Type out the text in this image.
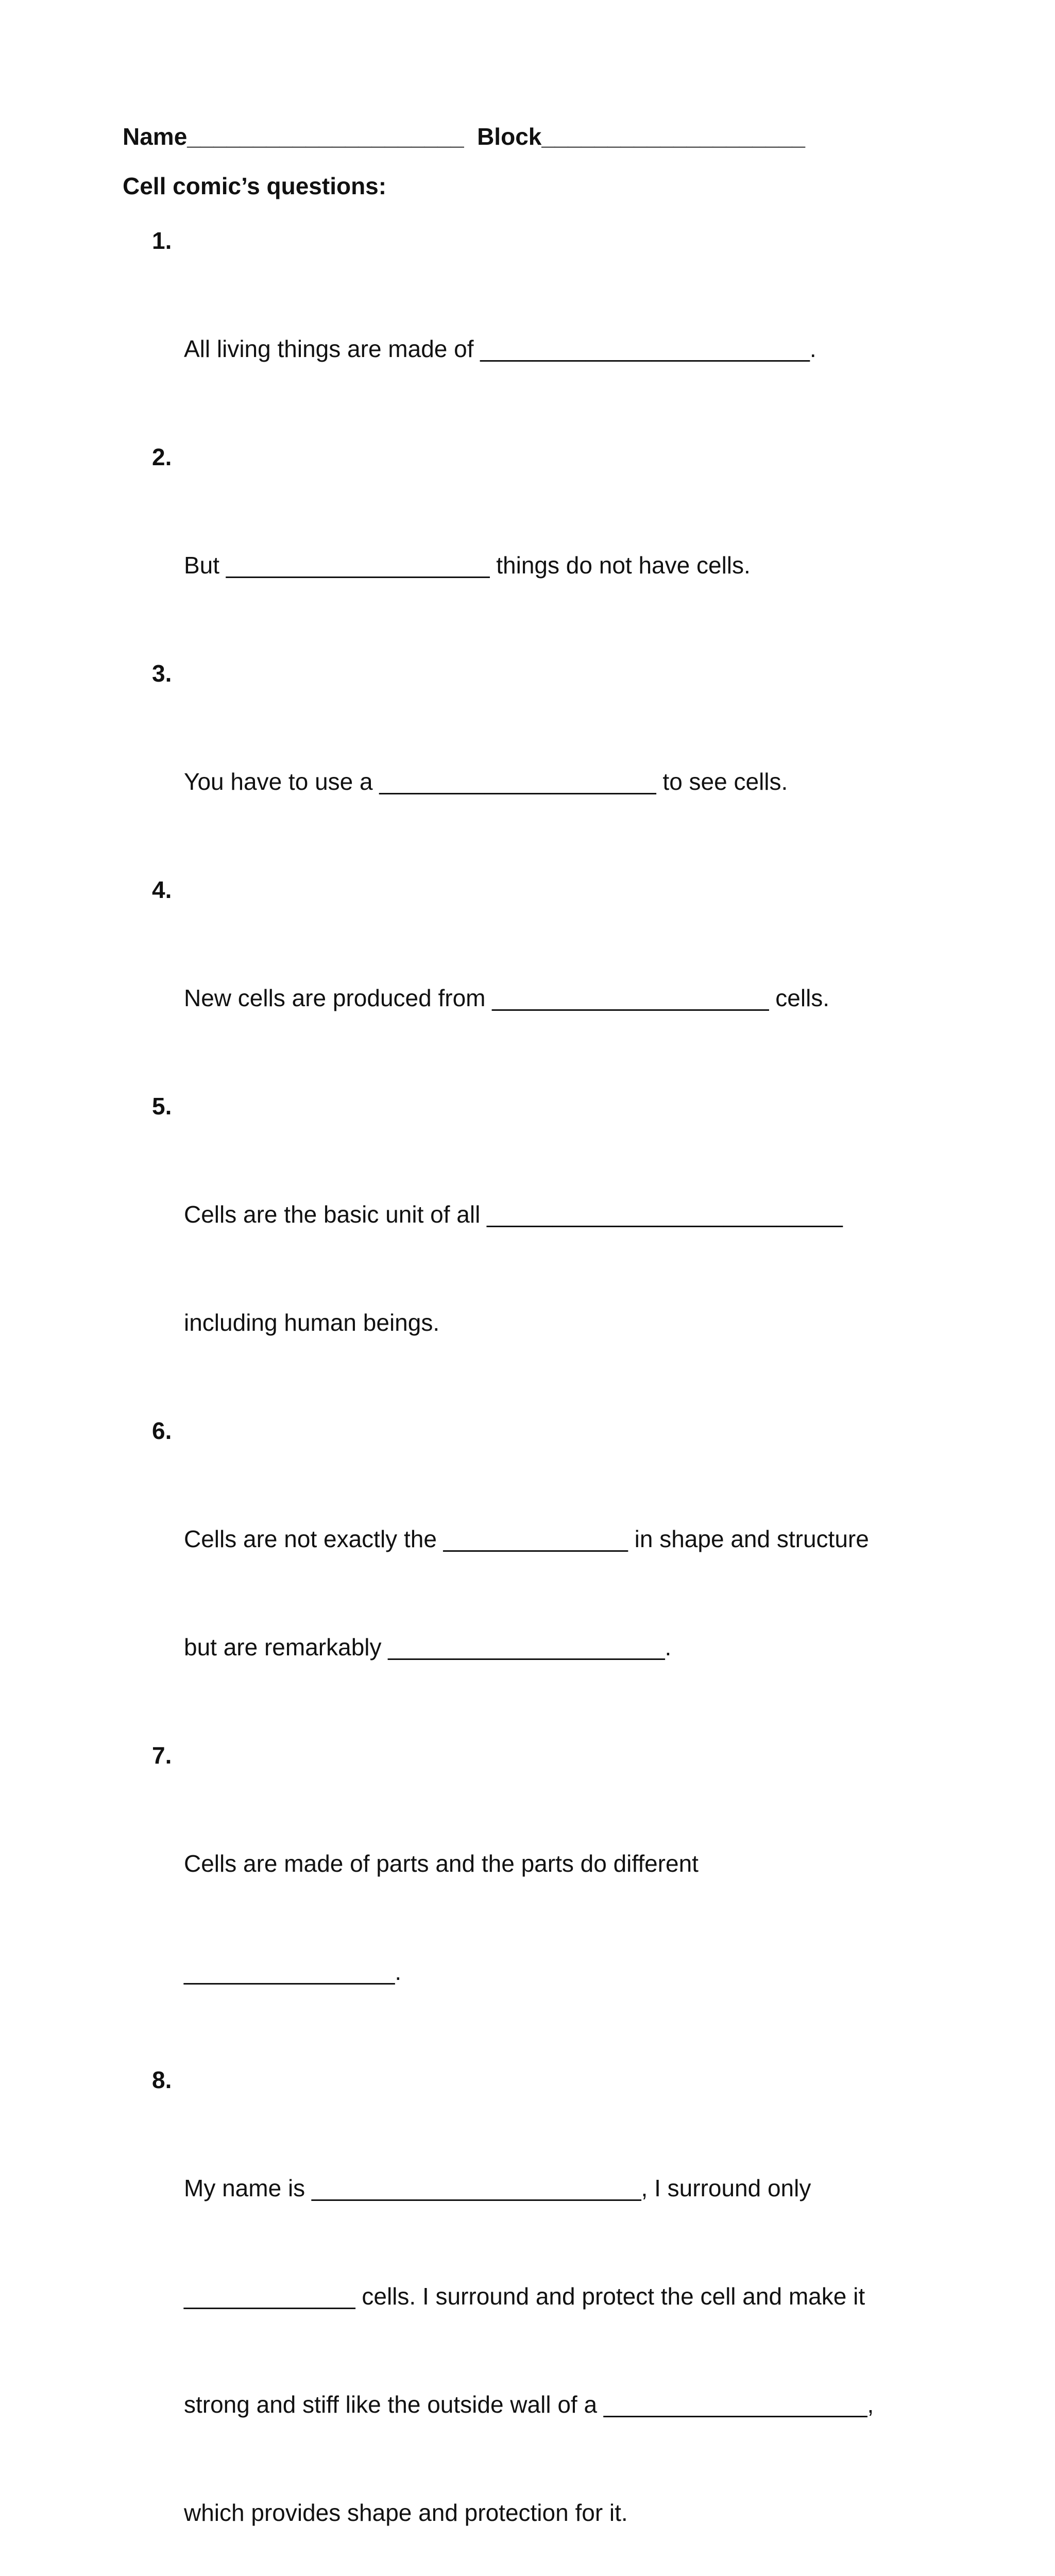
Name_____________________  Block____________________
Cell comic’s questions:

1.

All living things are made of _________________________.

2.

But ____________________ things do not have cells.

3.

You have to use a _____________________ to see cells.

4.

New cells are produced from _____________________ cells.

5.

Cells are the basic unit of all ___________________________

including human beings.

6.

Cells are not exactly the ______________ in shape and structure

but are remarkably _____________________.

7.

Cells are made of parts and the parts do different

________________.

8.

My name is _________________________, I surround only

_____________ cells. I surround and protect the cell and make it

strong and stiff like the outside wall of a ____________________,

which provides shape and protection for it.
